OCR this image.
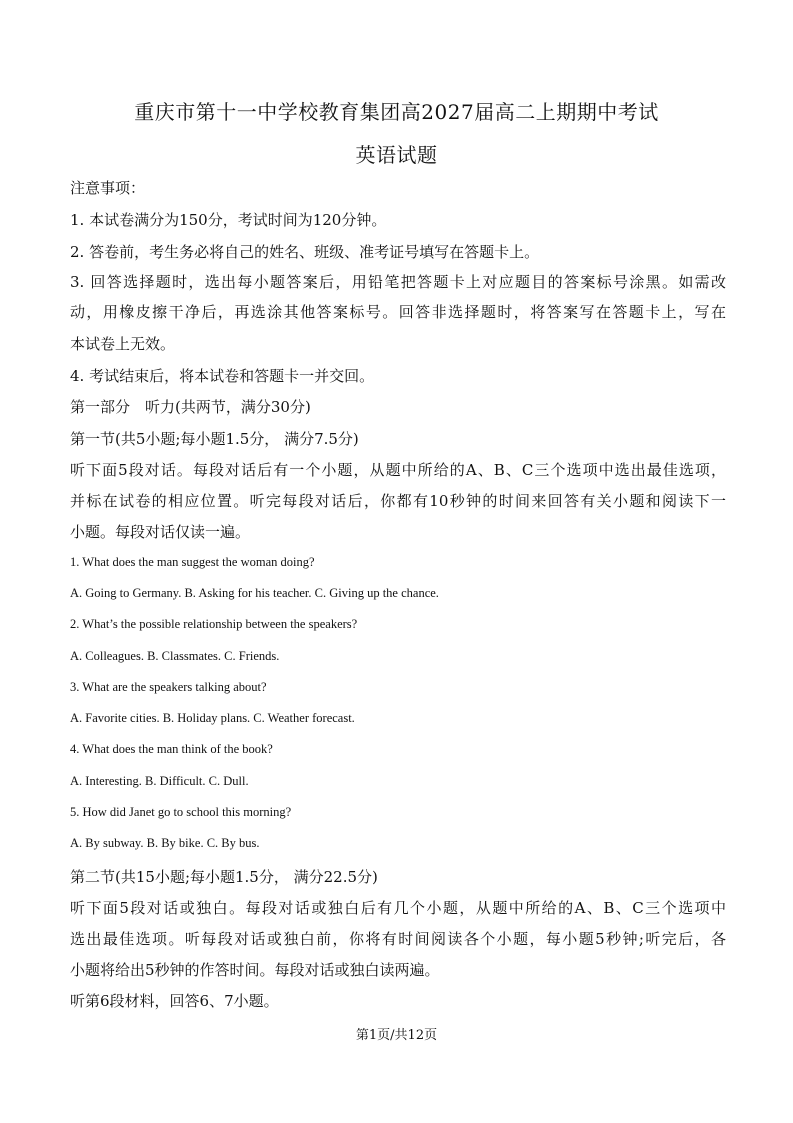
重庆市第十一中学校教育集团高2027届高二上期期中考试
英语试题
注意事项：
1. 本试卷满分为150分，考试时间为120分钟。
2. 答卷前，考生务必将自己的姓名、班级、准考证号填写在答题卡上。
3. 回答选择题时，选出每小题答案后，用铅笔把答题卡上对应题目的答案标号涂黑。如需改
动，用橡皮擦干净后，再选涂其他答案标号。回答非选择题时，将答案写在答题卡上，写在
本试卷上无效。
4. 考试结束后，将本试卷和答题卡一并交回。
第一部分　听力(共两节，满分30分)
第一节(共5小题;每小题1.5分， 满分7.5分)
听下面5段对话。每段对话后有一个小题，从题中所给的A、B、C三个选项中选出最佳选项，
并标在试卷的相应位置。听完每段对话后，你都有10秒钟的时间来回答有关小题和阅读下一
小题。每段对话仅读一遍。
1. What does the man suggest the woman doing?
A. Going to Germany. B. Asking for his teacher. C. Giving up the chance.
2. What’s the possible relationship between the speakers?
A. Colleagues. B. Classmates. C. Friends.
3. What are the speakers talking about?
A. Favorite cities. B. Holiday plans. C. Weather forecast.
4. What does the man think of the book?
A. Interesting. B. Difficult. C. Dull.
5. How did Janet go to school this morning?
A. By subway. B. By bike. C. By bus.
第二节(共15小题;每小题1.5分， 满分22.5分)
听下面5段对话或独白。每段对话或独白后有几个小题，从题中所给的A、B、C三个选项中
选出最佳选项。听每段对话或独白前，你将有时间阅读各个小题，每小题5秒钟;听完后，各
小题将给出5秒钟的作答时间。每段对话或独白读两遍。
听第6段材料，回答6、7小题。
第1页/共12页
